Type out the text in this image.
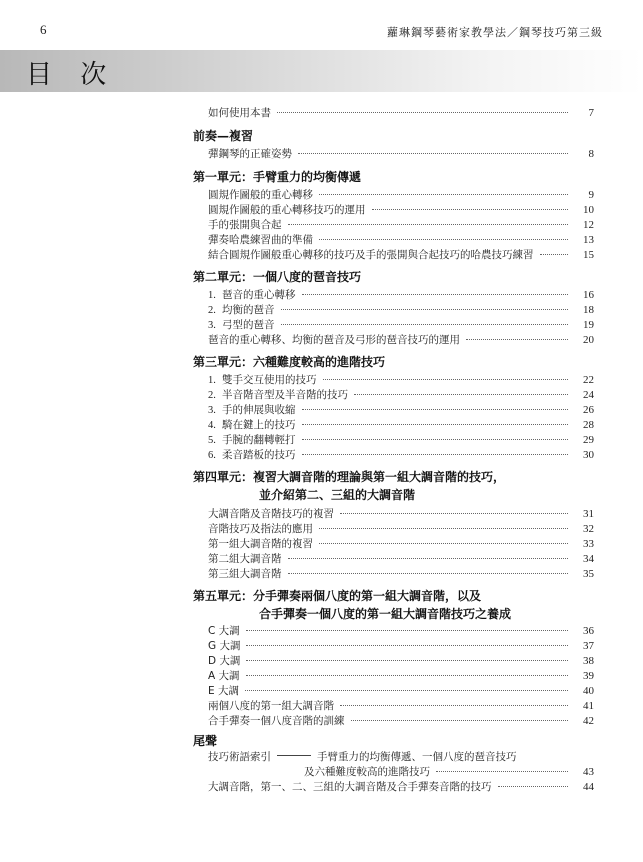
6	蘿琳鋼琴藝術家教學法／鋼琴技巧第三級
目 次
如何使用本書	7
前奏—複習
彈鋼琴的正確姿勢	8
第一單元：手臂重力的均衡傳遞
圓規作圖般的重心轉移	9
圓規作圖般的重心轉移技巧的運用	10
手的張開與合起	12
彈奏哈農練習曲的準備	13
結合圓規作圖般重心轉移的技巧及手的張開與合起技巧的哈農技巧練習	15
第二單元：一個八度的琶音技巧
1. 琶音的重心轉移	16
2. 均衡的琶音	18
3. 弓型的琶音	19
琶音的重心轉移、均衡的琶音及弓形的琶音技巧的運用	20
第三單元：六種難度較高的進階技巧
1. 雙手交互使用的技巧	22
2. 半音階音型及半音階的技巧	24
3. 手的伸展與收縮	26
4. 騎在鍵上的技巧	28
5. 手腕的翻轉輕打	29
6. 柔音踏板的技巧	30
第四單元：複習大調音階的理論與第一組大調音階的技巧，
並介紹第二、三組的大調音階
大調音階及音階技巧的複習	31
音階技巧及指法的應用	32
第一組大調音階的複習	33
第二組大調音階	34
第三組大調音階	35
第五單元：分手彈奏兩個八度的第一組大調音階，以及
合手彈奏一個八度的第一組大調音階技巧之養成
C 大調	36
G 大調	37
D 大調	38
A 大調	39
E 大調	40
兩個八度的第一組大調音階	41
合手彈奏一個八度音階的訓練	42
尾聲
技巧術語索引	手臂重力的均衡傳遞、一個八度的琶音技巧
及六種難度較高的進階技巧	43
大調音階，第一、二、三組的大調音階及合手彈奏音階的技巧	44
